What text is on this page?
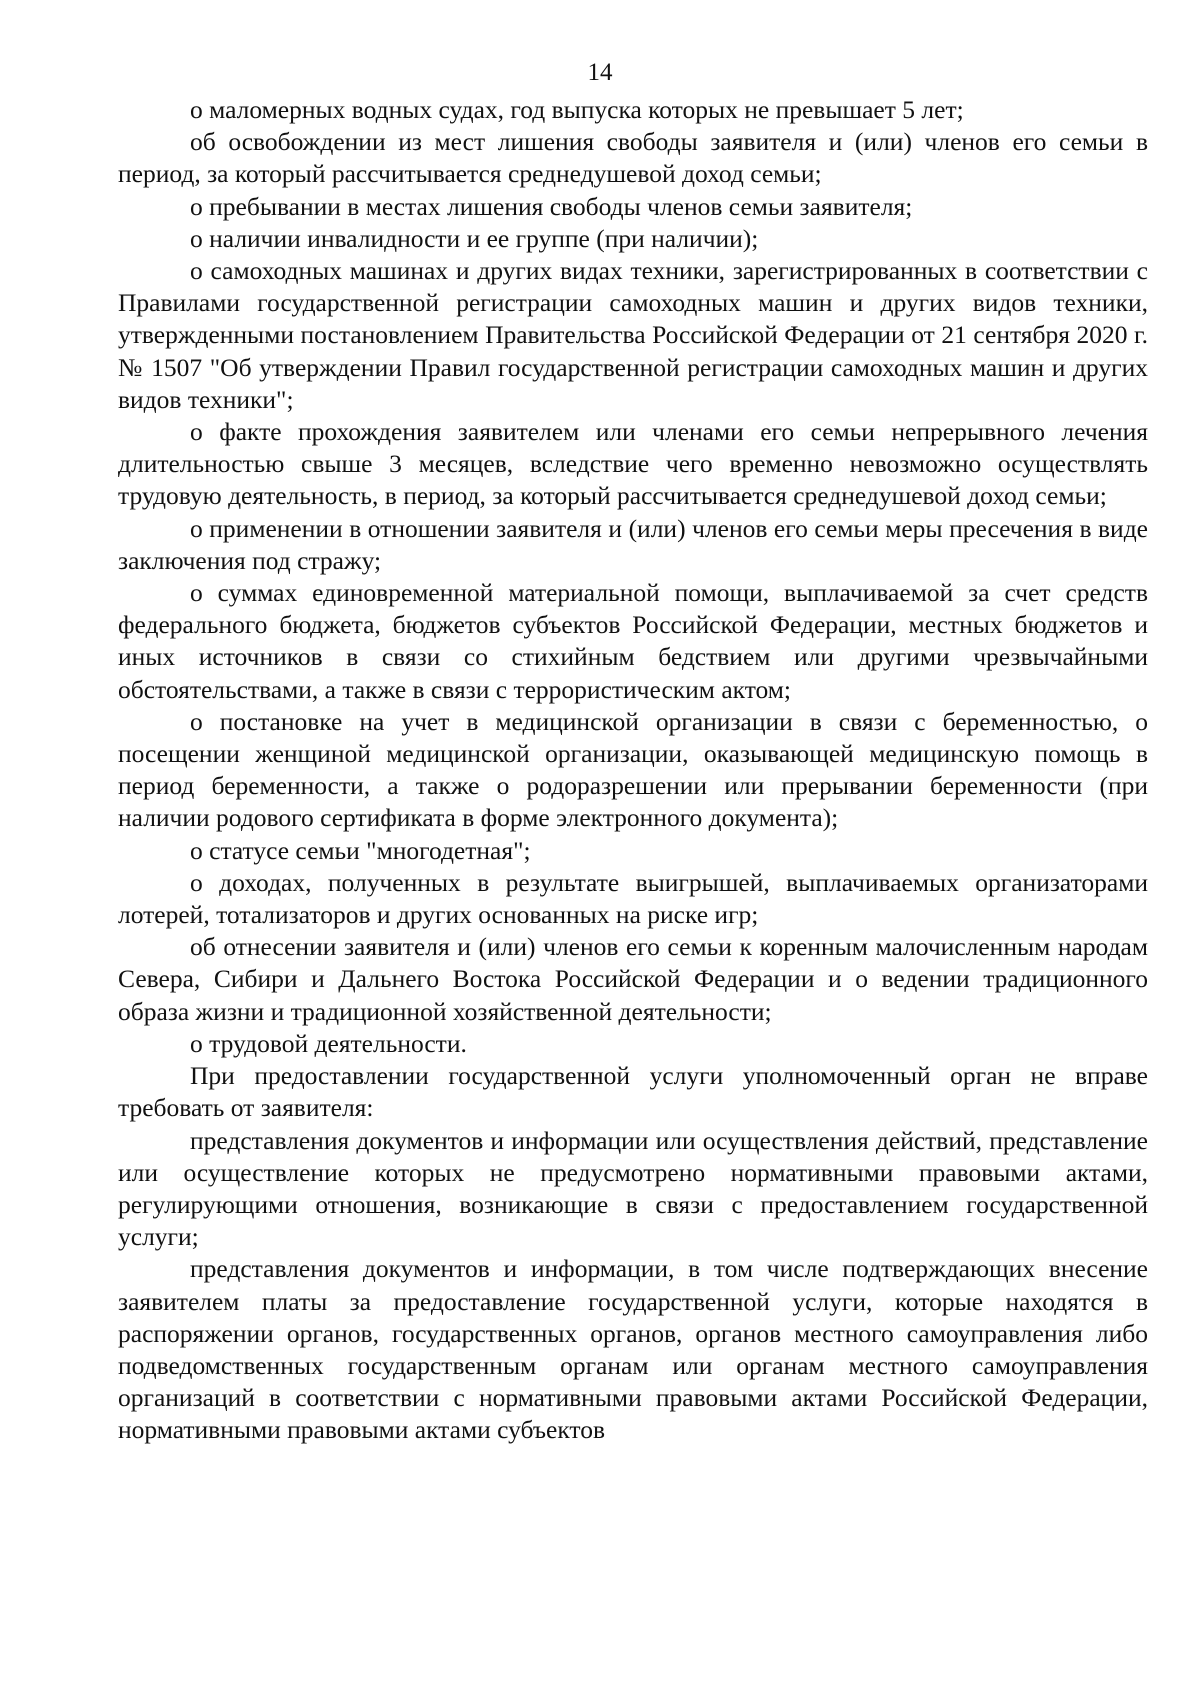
14

о маломерных водных судах, год выпуска которых не превышает 5 лет;

об освобождении из мест лишения свободы заявителя и (или) членов его семьи в период, за который рассчитывается среднедушевой доход семьи;

о пребывании в местах лишения свободы членов семьи заявителя;

о наличии инвалидности и ее группе (при наличии);

о самоходных машинах и других видах техники, зарегистрированных в соответствии с Правилами государственной регистрации самоходных машин и других видов техники, утвержденными постановлением Правительства Российской Федерации от 21 сентября 2020 г. № 1507 "Об утверждении Правил государственной регистрации самоходных машин и других видов техники";

о факте прохождения заявителем или членами его семьи непрерывного лечения длительностью свыше 3 месяцев, вследствие чего временно невозможно осуществлять трудовую деятельность, в период, за который рассчитывается среднедушевой доход семьи;

о применении в отношении заявителя и (или) членов его семьи меры пресечения в виде заключения под стражу;

о суммах единовременной материальной помощи, выплачиваемой за счет средств федерального бюджета, бюджетов субъектов Российской Федерации, местных бюджетов и иных источников в связи со стихийным бедствием или другими чрезвычайными обстоятельствами, а также в связи с террористическим актом;

о постановке на учет в медицинской организации в связи с беременностью, о посещении женщиной медицинской организации, оказывающей медицинскую помощь в период беременности, а также о родоразрешении или прерывании беременности (при наличии родового сертификата в форме электронного документа);

о статусе семьи "многодетная";

о доходах, полученных в результате выигрышей, выплачиваемых организаторами лотерей, тотализаторов и других основанных на риске игр;

об отнесении заявителя и (или) членов его семьи к коренным малочисленным народам Севера, Сибири и Дальнего Востока Российской Федерации и о ведении традиционного образа жизни и традиционной хозяйственной деятельности;

о трудовой деятельности.

При предоставлении государственной услуги уполномоченный орган не вправе требовать от заявителя:

представления документов и информации или осуществления действий, представление или осуществление которых не предусмотрено нормативными правовыми актами, регулирующими отношения, возникающие в связи с предоставлением государственной услуги;

представления документов и информации, в том числе подтверждающих внесение заявителем платы за предоставление государственной услуги, которые находятся в распоряжении органов, государственных органов, органов местного самоуправления либо подведомственных государственным органам или органам местного самоуправления организаций в соответствии с нормативными правовыми актами Российской Федерации, нормативными правовыми актами субъектов
